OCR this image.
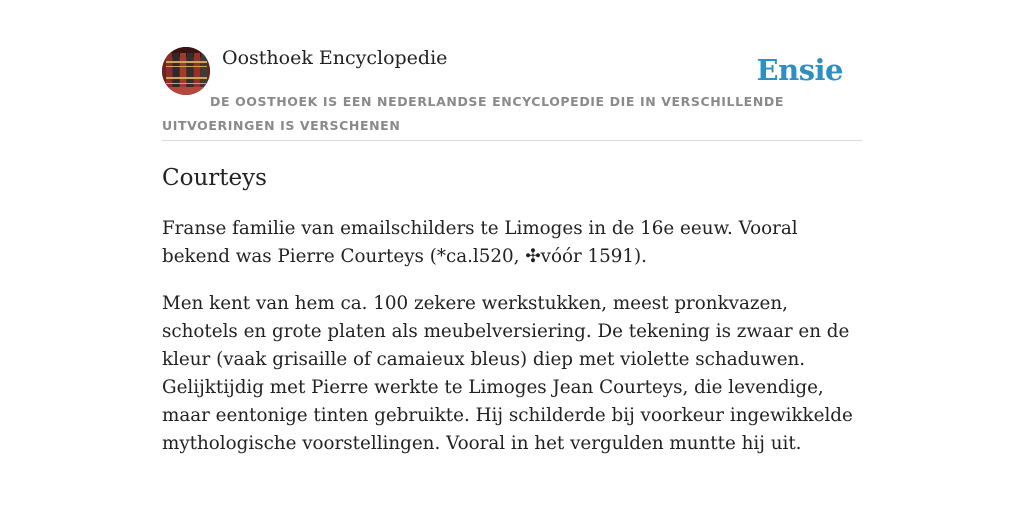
Oosthoek Encyclopedie	Ensie
DE OOSTHOEK IS EEN NEDERLANDSE ENCYCLOPEDIE DIE IN VERSCHILLENDE UITVOERINGEN IS VERSCHENEN
Courteys

Franse familie van emailschilders te Limoges in de 16e eeuw. Vooral bekend was Pierre Courteys (*ca.l520, ✣vóór 1591).

Men kent van hem ca. 100 zekere werkstukken, meest pronkvazen, schotels en grote platen als meubelversiering. De tekening is zwaar en de kleur (vaak grisaille of camaieux bleus) diep met violette schaduwen. Gelijktijdig met Pierre werkte te Limoges Jean Courteys, die levendige, maar eentonige tinten gebruikte. Hij schilderde bij voorkeur ingewikkelde mythologische voorstellingen. Vooral in het vergulden muntte hij uit.
